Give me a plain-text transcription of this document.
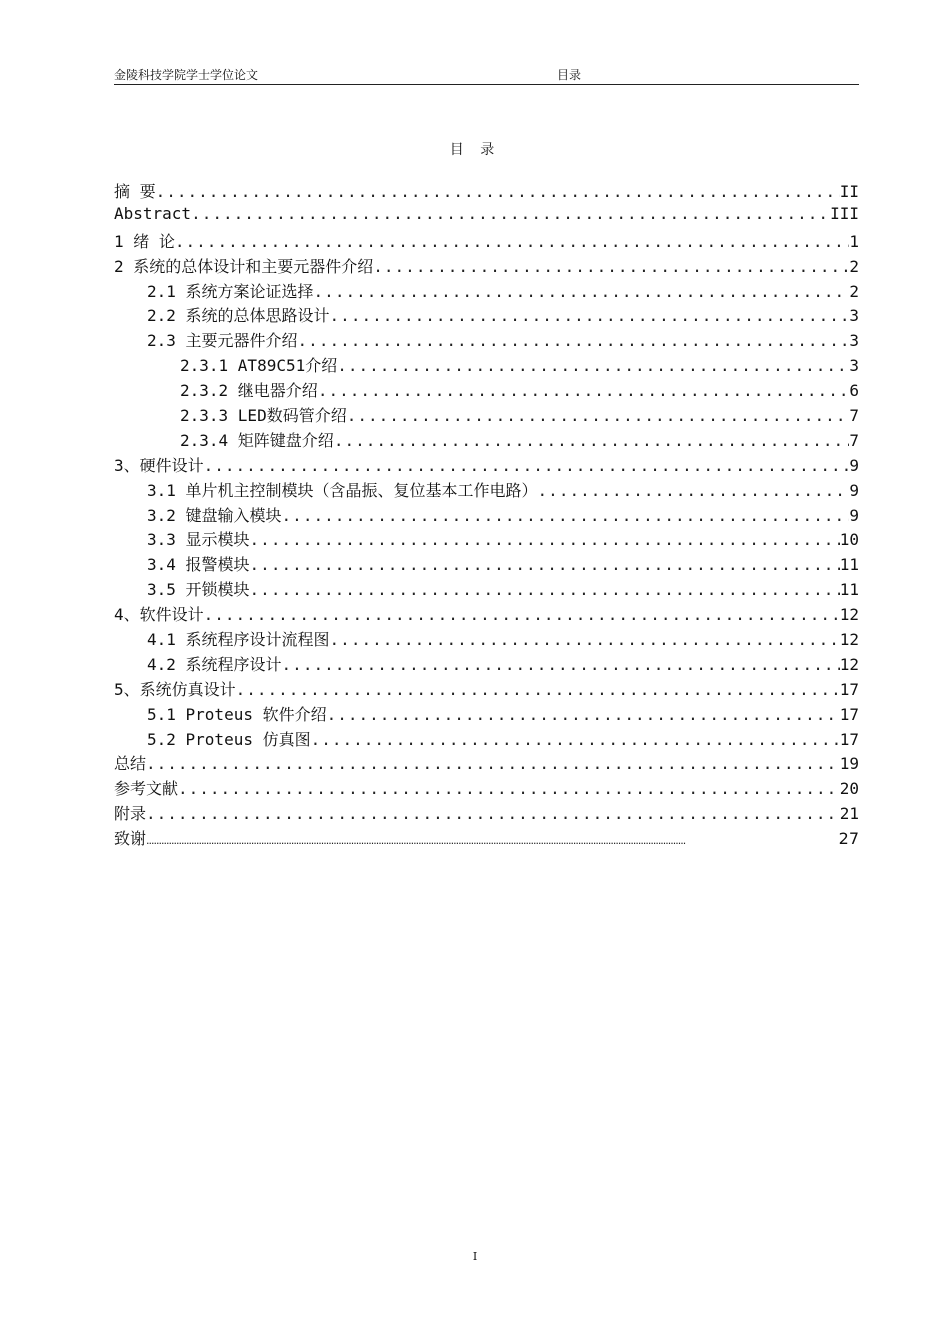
金陵科技学院学士学位论文	目录
目 录
摘 要 .....	II
Abstract .....	III
1 绪 论 .....	1
2 系统的总体设计和主要元器件介绍 .....	2
2.1 系统方案论证选择 .....	2
2.2 系统的总体思路设计 .....	3
2.3 主要元器件介绍 .....	3
2.3.1 AT89C51介绍 .....	3
2.3.2 继电器介绍 .....	6
2.3.3 LED数码管介绍 .....	7
2.3.4 矩阵键盘介绍 .....	7
3、硬件设计 .....	9
3.1 单片机主控制模块（含晶振、复位基本工作电路） .....	9
3.2 键盘输入模块 .....	9
3.3 显示模块 .....	10
3.4 报警模块 .....	11
3.5 开锁模块 .....	11
4、软件设计 .....	12
4.1 系统程序设计流程图 .....	12
4.2 系统程序设计 .....	12
5、系统仿真设计 .....	17
5.1 Proteus 软件介绍 .....	17
5.2 Proteus 仿真图 .....	17
总结 .....	19
参考文献 .....	20
附录 .....	21
致谢 .....	27
I
